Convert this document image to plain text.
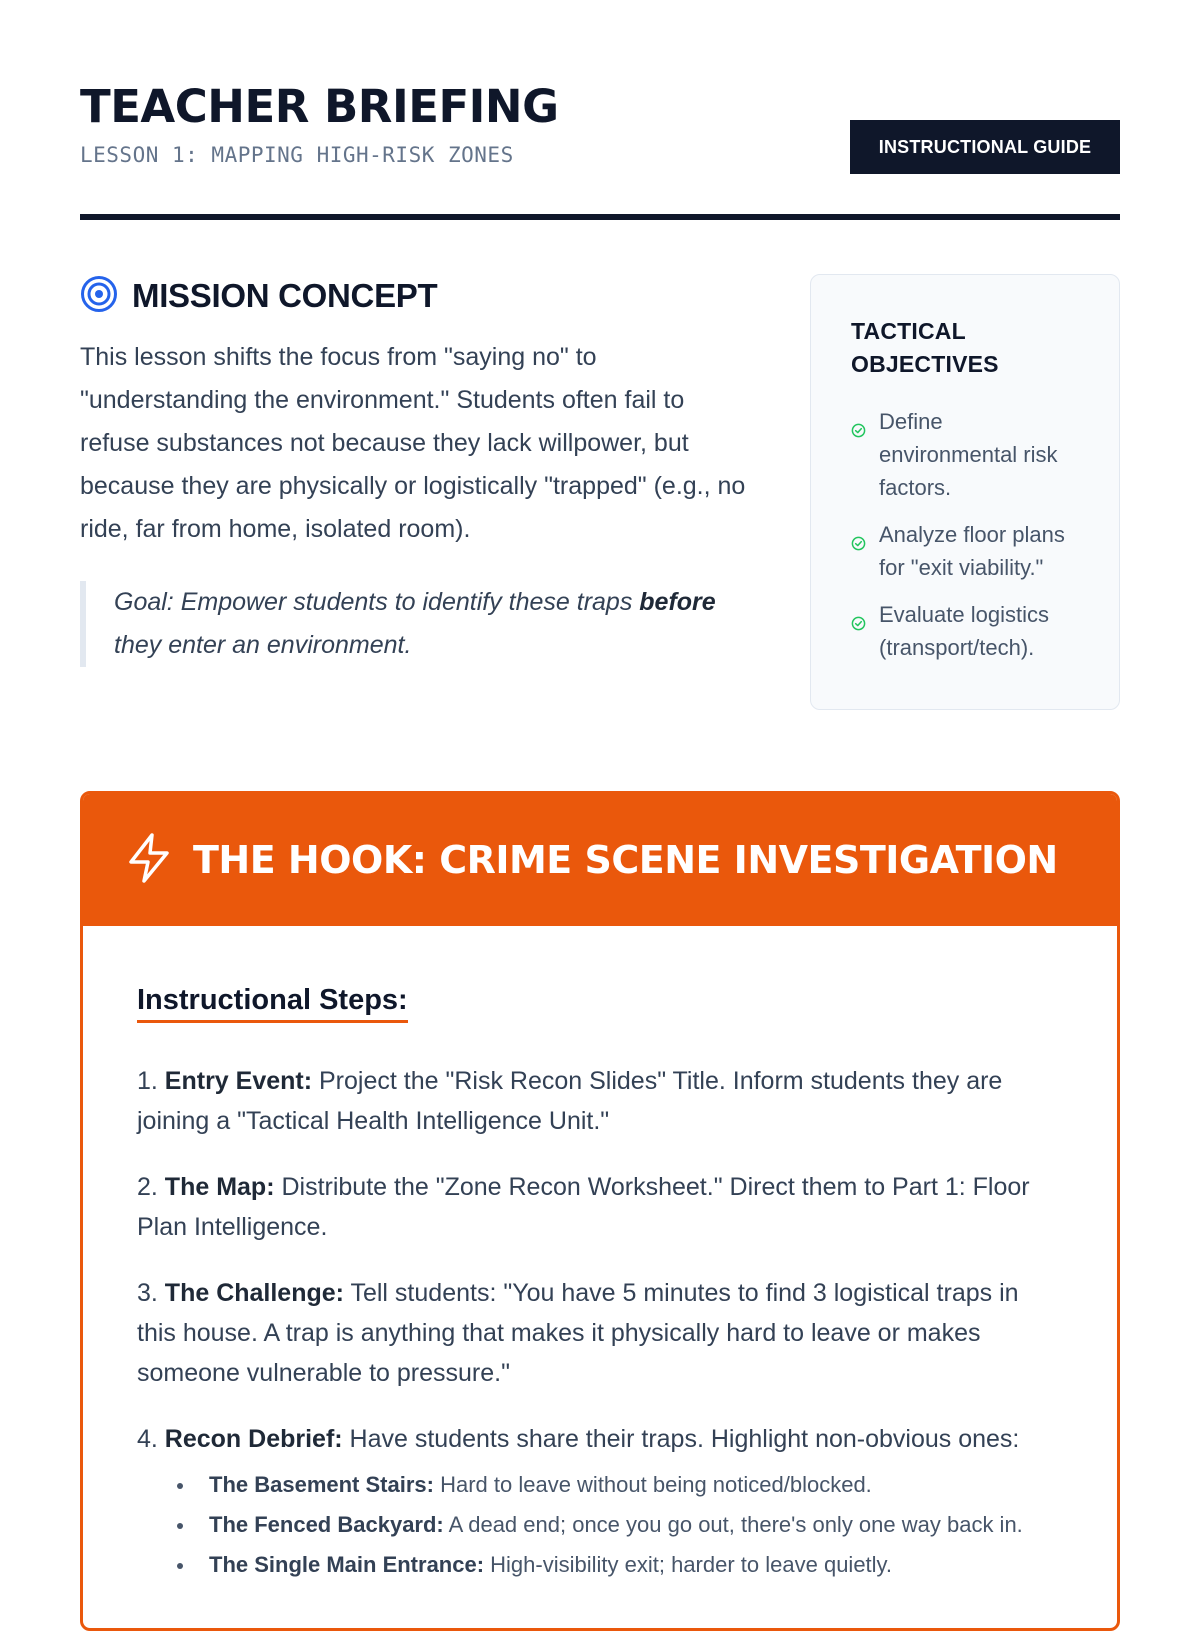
TEACHER BRIEFING
LESSON 1: MAPPING HIGH-RISK ZONES	INSTRUCTIONAL GUIDE
MISSION CONCEPT

This lesson shifts the focus from "saying no" to "understanding the environment." Students often fail to refuse substances not because they lack willpower, but because they are physically or logistically "trapped" (e.g., no ride, far from home, isolated room).

Goal: Empower students to identify these traps before they enter an environment.
TACTICAL OBJECTIVES
Define environmental risk factors.
Analyze floor plans for "exit viability."
Evaluate logistics (transport/tech).
THE HOOK: CRIME SCENE INVESTIGATION
Instructional Steps:
1. Entry Event: Project the "Risk Recon Slides" Title. Inform students they are joining a "Tactical Health Intelligence Unit."
2. The Map: Distribute the "Zone Recon Worksheet." Direct them to Part 1: Floor Plan Intelligence.
3. The Challenge: Tell students: "You have 5 minutes to find 3 logistical traps in this house. A trap is anything that makes it physically hard to leave or makes someone vulnerable to pressure."
4. Recon Debrief: Have students share their traps. Highlight non-obvious ones:
The Basement Stairs: Hard to leave without being noticed/blocked.
The Fenced Backyard: A dead end; once you go out, there's only one way back in.
The Single Main Entrance: High-visibility exit; harder to leave quietly.
